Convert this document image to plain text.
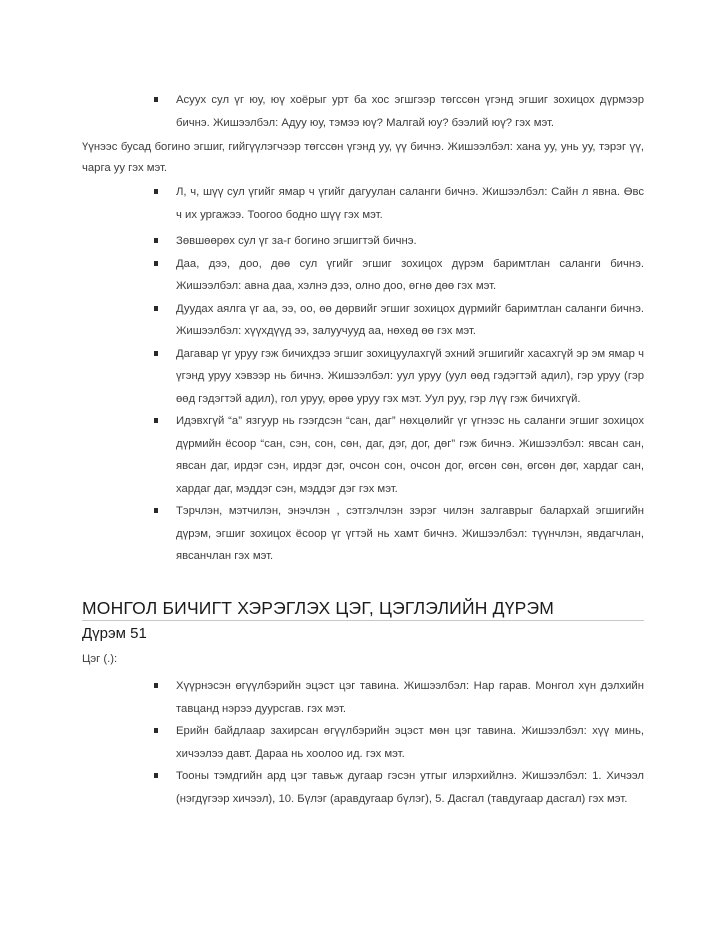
Асуух сул үг юу, юү хоёрыг урт ба хос эгшгээр төгссөн үгэнд эгшиг зохицох дүрмээр бичнэ. Жишээлбэл: Адуу юу, тэмээ юү? Малгай юу? бээлий юү? гэх мэт.
Үүнээс бусад богино эгшиг, гийгүүлэгчээр төгссөн үгэнд уу, үү бичнэ. Жишээлбэл: хана уу, унь уу, тэрэг үү, чарга уу гэх мэт.
Л, ч, шүү сул үгийг ямар ч үгийг дагуулан саланги бичнэ. Жишээлбэл: Сайн л явна. Өвс ч их ургажээ. Тоогоо бодно шүү гэх мэт.
Зөвшөөрөх сул үг за-г богино эгшигтэй бичнэ.
Даа, дээ, доо, дөө сул үгийг эгшиг зохицох дүрэм баримтлан саланги бичнэ. Жишээлбэл: авна даа, хэлнэ дээ, олно доо, өгнө дөө гэх мэт.
Дуудах аялга үг аа, ээ, оо, өө дөрвийг эгшиг зохицох дүрмийг баримтлан саланги бичнэ. Жишээлбэл: хүүхдүүд ээ, залуучууд аа, нөхөд өө гэх мэт.
Дагавар үг уруу гэж бичихдээ эгшиг зохицуулахгүй эхний эгшигийг хасахгүй эр эм ямар ч үгэнд уруу хэвээр нь бичнэ. Жишээлбэл: уул уруу (уул өөд гэдэгтэй адил), гэр уруу (гэр өөд гэдэгтэй адил), гол уруу, өрөө уруу гэх мэт. Уул руу, гэр лүү гэж бичихгүй.
Идэвхгүй “а” язгуур нь гээгдсэн “сан, даг” нөхцөлийг үг үгнээс нь саланги эгшиг зохицох дүрмийн ёсоор “сан, сэн, сон, сөн, даг, дэг, дог, дөг” гэж бичнэ. Жишээлбэл: явсан сан, явсан даг, ирдэг сэн, ирдэг дэг, очсон сон, очсон дог, өгсөн сөн, өгсөн дөг, хардаг сан, хардаг даг, мэддэг сэн, мэддэг дэг гэх мэт.
Тэрчлэн, мэтчилэн, энэчлэн , сэтгэлчлэн зэрэг чилэн залгаврыг балархай эгшигийн дүрэм, эгшиг зохицох ёсоор үг үгтэй нь хамт бичнэ. Жишээлбэл: түүнчлэн, явдагчлан, явсанчлан гэх мэт.
МОНГОЛ БИЧИГТ ХЭРЭГЛЭХ ЦЭГ, ЦЭГЛЭЛИЙН ДҮРЭМ
Дүрэм 51
Цэг (.):
Хүүрнэсэн өгүүлбэрийн эцэст цэг тавина. Жишээлбэл: Нар гарав. Монгол хүн дэлхийн тавцанд нэрээ дуурсгав. гэх мэт.
Ерийн байдлаар захирсан өгүүлбэрийн эцэст мөн цэг тавина. Жишээлбэл: хүү минь, хичээлээ давт. Дараа нь хоолоо ид. гэх мэт.
Тооны тэмдгийн ард цэг тавьж дугаар гэсэн утгыг илэрхийлнэ. Жишээлбэл: 1. Хичээл (нэгдүгээр хичээл), 10. Бүлэг (аравдугаар бүлэг), 5. Дасгал (тавдугаар дасгал) гэх мэт.
